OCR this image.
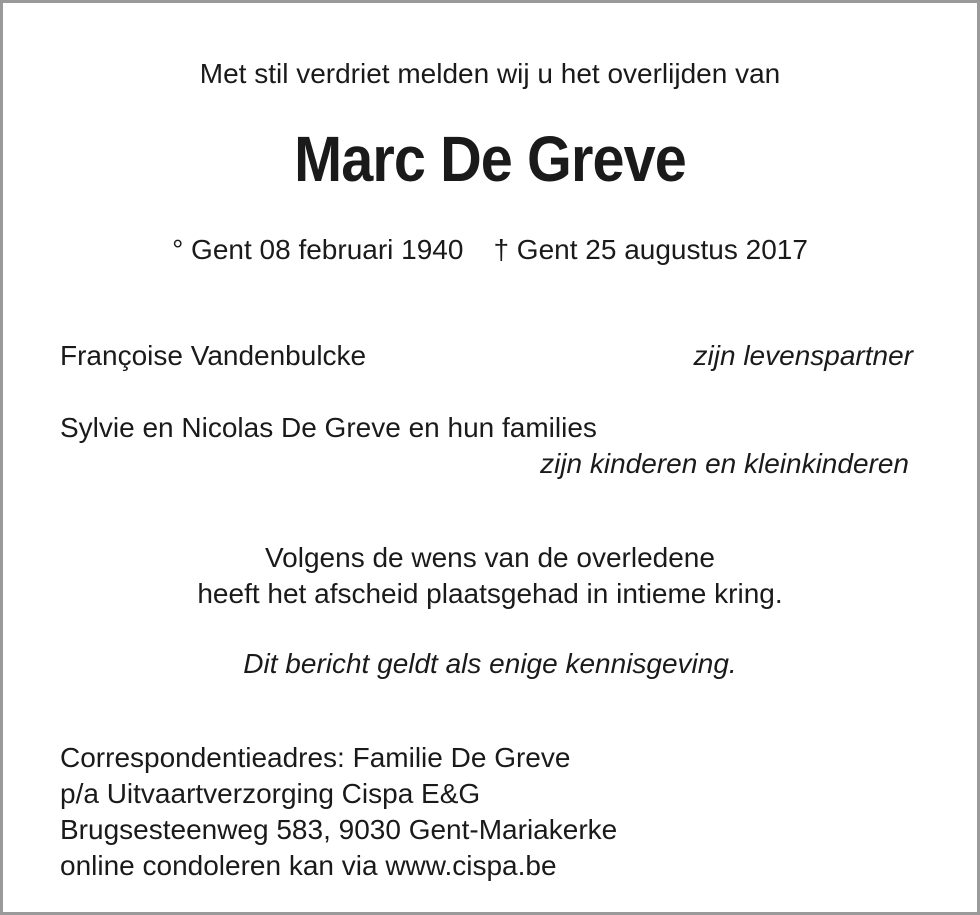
Met stil verdriet melden wij u het overlijden van

Marc De Greve

° Gent 08 februari 1940 † Gent 25 augustus 2017

Françoise Vandenbulcke	zijn levenspartner

Sylvie en Nicolas De Greve en hun families

zijn kinderen en kleinkinderen

Volgens de wens van de overledene

heeft het afscheid plaatsgehad in intieme kring.

Dit bericht geldt als enige kennisgeving.

Correspondentieadres: Familie De Greve

p/a Uitvaartverzorging Cispa E&G

Brugsesteenweg 583, 9030 Gent-Mariakerke

online condoleren kan via www.cispa.be
